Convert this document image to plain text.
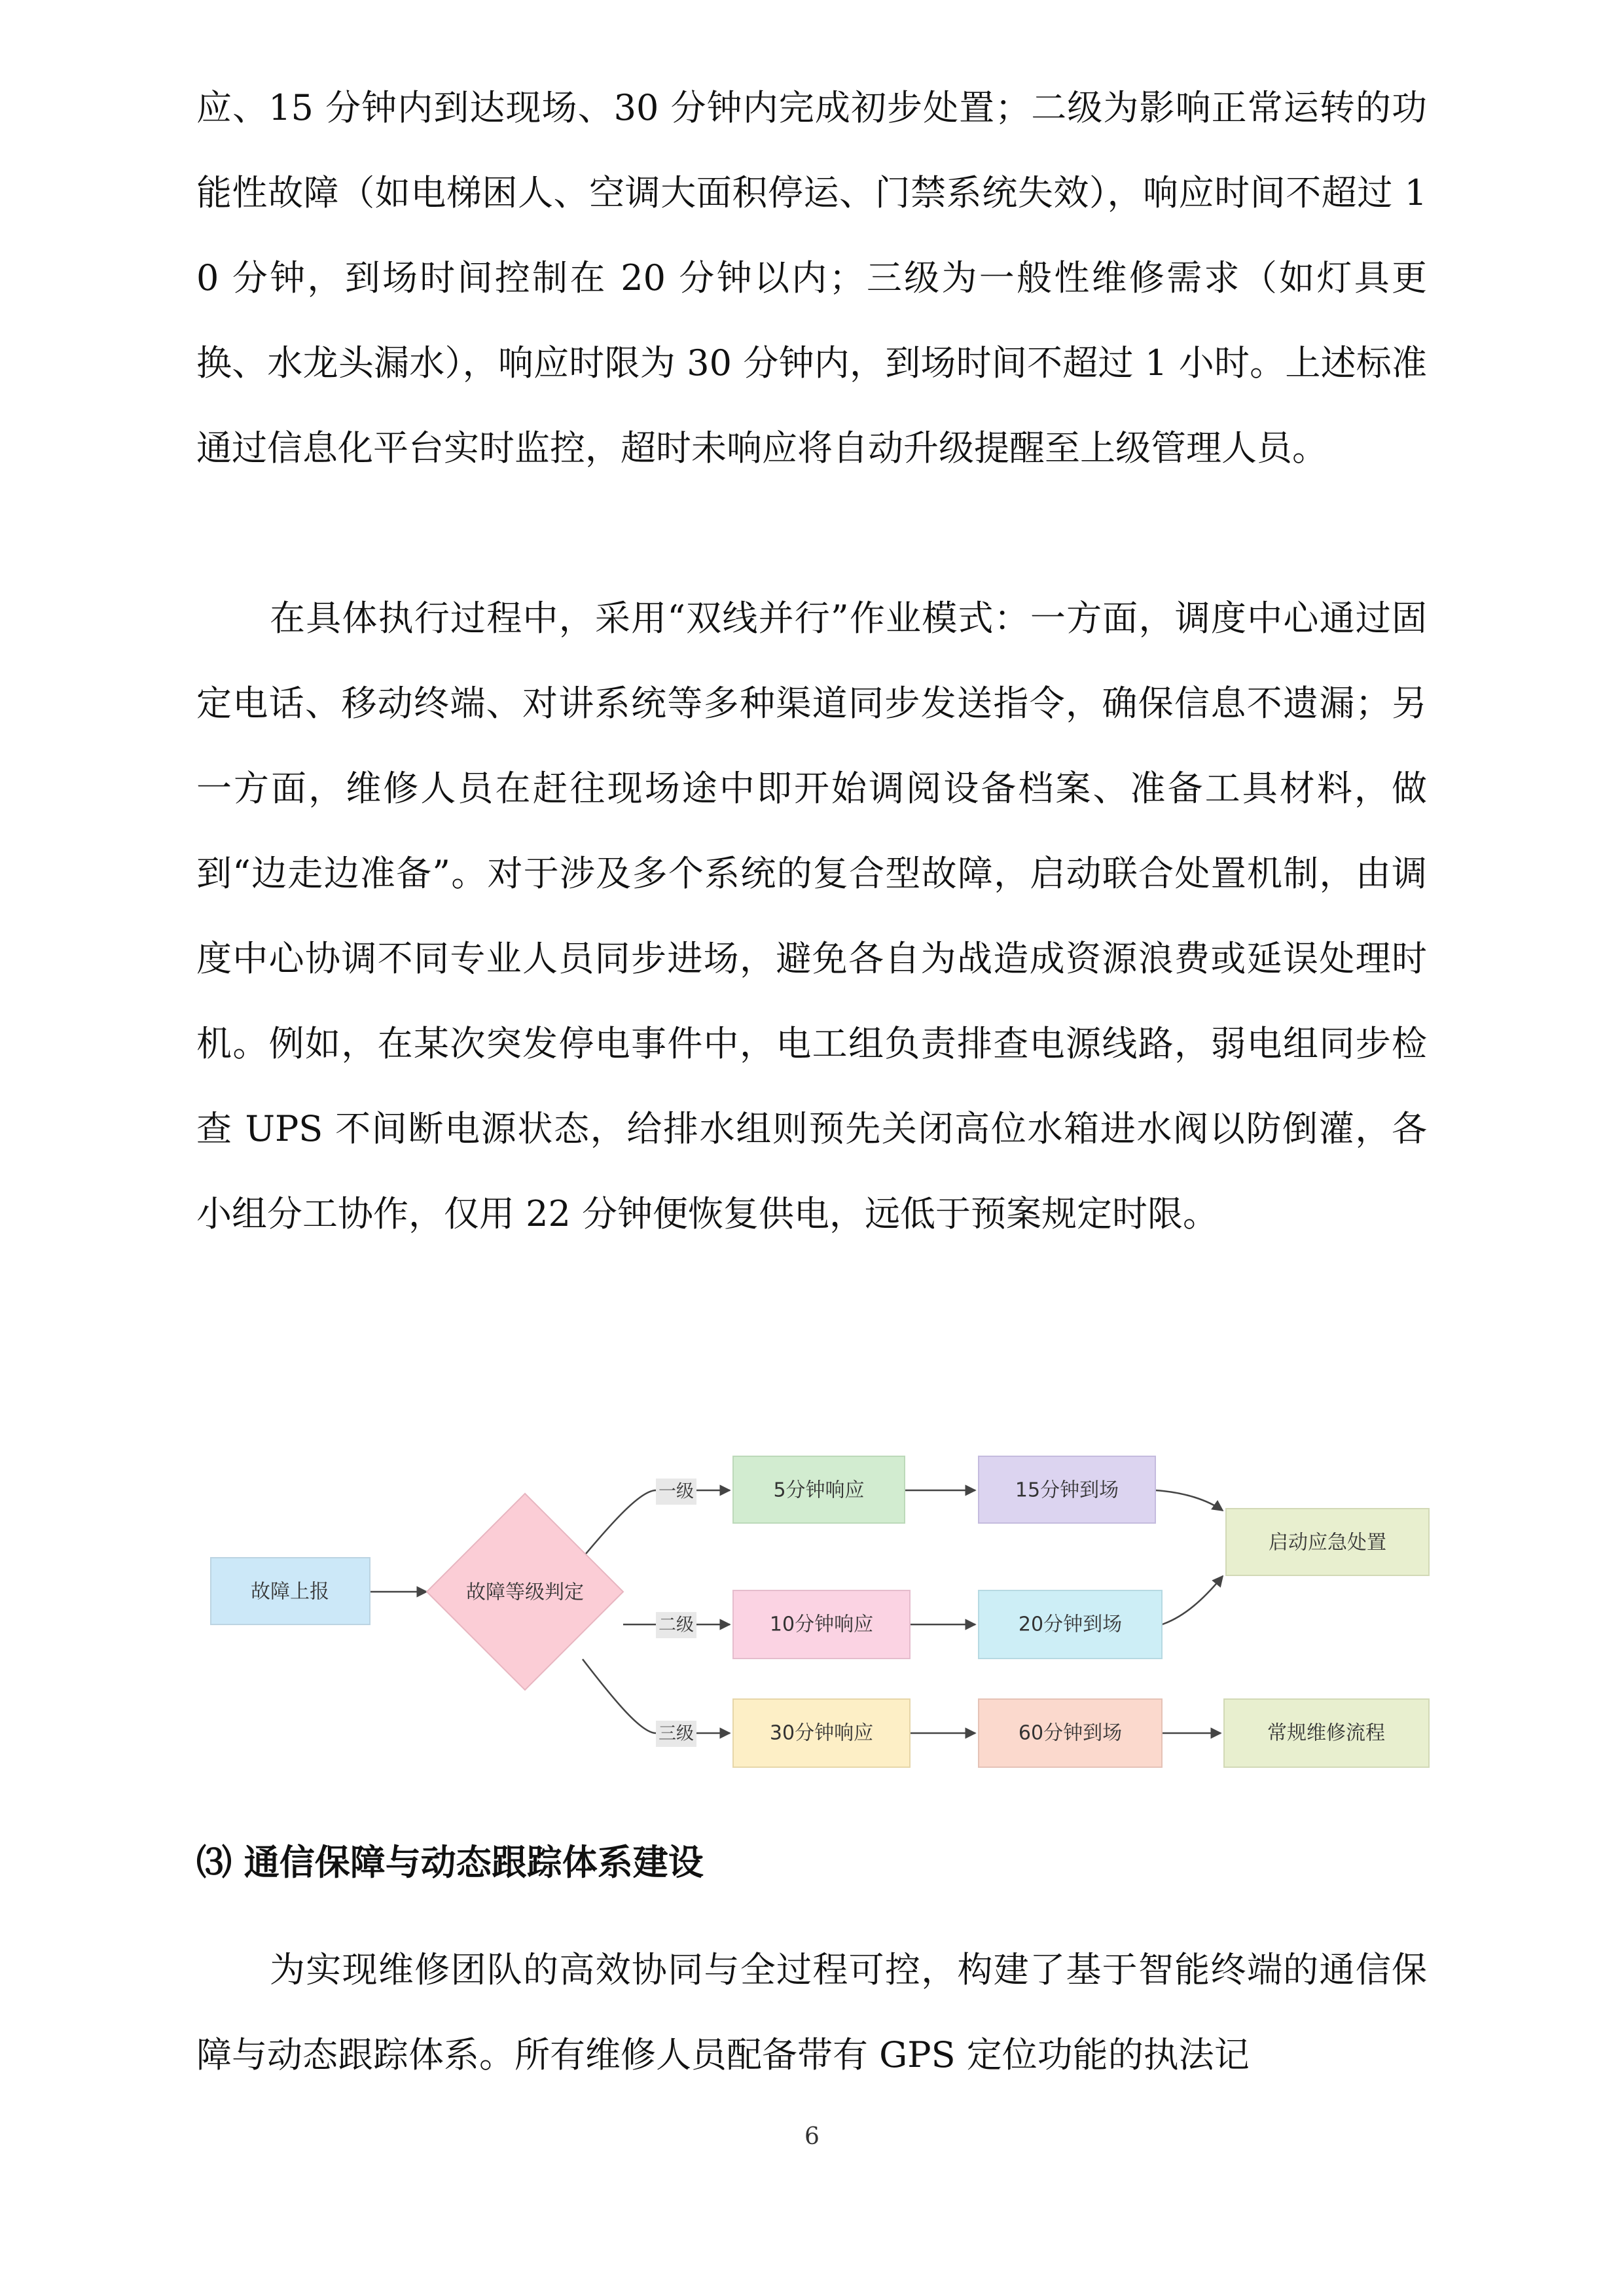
应、15 分钟内到达现场、30 分钟内完成初步处置；二级为影响正常运转的功能性故障（如电梯困人、空调大面积停运、门禁系统失效），响应时间不超过 10 分钟，到场时间控制在 20 分钟以内；三级为一般性维修需求（如灯具更换、水龙头漏水），响应时限为 30 分钟内，到场时间不超过 1 小时。上述标准通过信息化平台实时监控，超时未响应将自动升级提醒至上级管理人员。

在具体执行过程中，采用“双线并行”作业模式：一方面，调度中心通过固定电话、移动终端、对讲系统等多种渠道同步发送指令，确保信息不遗漏；另一方面，维修人员在赶往现场途中即开始调阅设备档案、准备工具材料，做到“边走边准备”。对于涉及多个系统的复合型故障，启动联合处置机制，由调度中心协调不同专业人员同步进场，避免各自为战造成资源浪费或延误处理时机。例如，在某次突发停电事件中，电工组负责排查电源线路，弱电组同步检查 UPS 不间断电源状态，给排水组则预先关闭高位水箱进水阀以防倒灌，各小组分工协作，仅用 22 分钟便恢复供电，远低于预案规定时限。

一级
二级
三级
故障上报	故障等级判定
5分钟响应	15分钟到场
10分钟响应	20分钟到场
启动应急处置
30分钟响应	60分钟到场	常规维修流程
⑶ 通信保障与动态跟踪体系建设

为实现维修团队的高效协同与全过程可控，构建了基于智能终端的通信保障与动态跟踪体系。所有维修人员配备带有 GPS 定位功能的执法记

6
